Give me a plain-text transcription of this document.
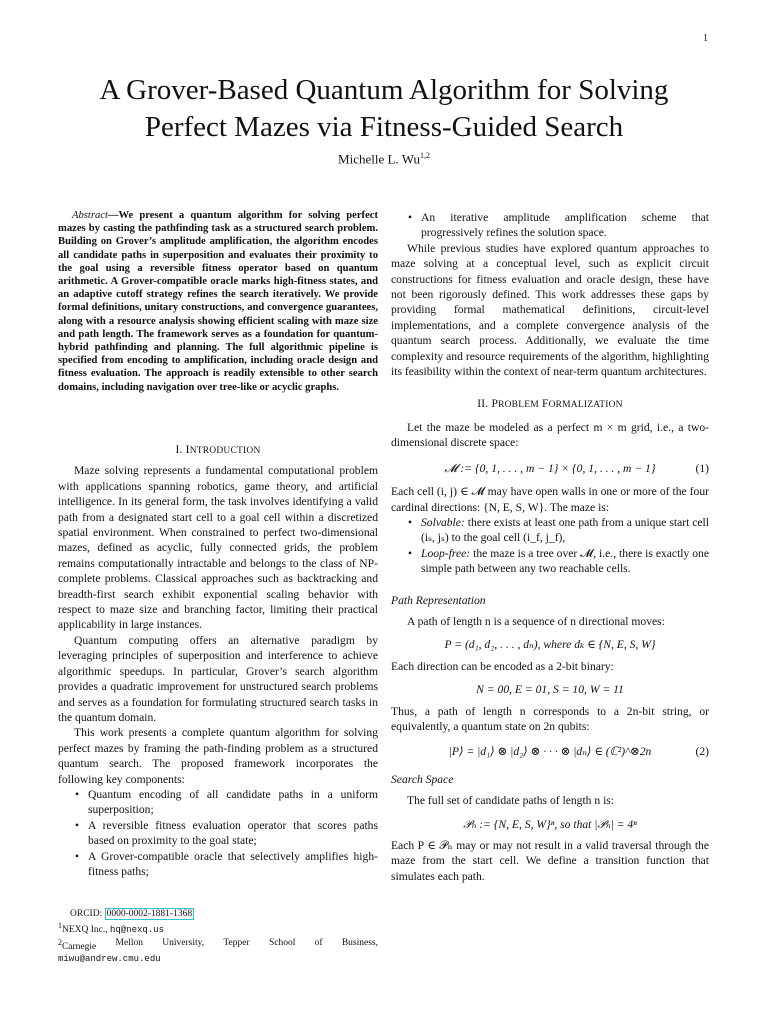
1
A Grover-Based Quantum Algorithm for Solving
Perfect Mazes via Fitness-Guided Search
Michelle L. Wu$^{1,2}$
Abstract—We present a quantum algorithm for solving perfect mazes by casting the pathfinding task as a structured search problem. Building on Grover’s amplitude amplification, the algorithm encodes all candidate paths in superposition and evaluates their proximity to the goal using a reversible fitness operator based on quantum arithmetic. A Grover-compatible oracle marks high-fitness states, and an adaptive cutoff strategy refines the search iteratively. We provide formal definitions, unitary constructions, and convergence guarantees, along with a resource analysis showing efficient scaling with maze size and path length. The framework serves as a foundation for quantum-hybrid pathfinding and planning. The full algorithmic pipeline is specified from encoding to amplification, including oracle design and fitness evaluation. The approach is readily extensible to other search domains, including navigation over tree-like or acyclic graphs.
I. INTRODUCTION

Maze solving represents a fundamental computational problem with applications spanning robotics, game theory, and artificial intelligence. In its general form, the task involves identifying a valid path from a designated start cell to a goal cell within a discretized spatial environment. When constrained to perfect two-dimensional mazes, defined as acyclic, fully connected grids, the problem remains computationally intractable and belongs to the class of NP-complete problems. Classical approaches such as backtracking and breadth-first search exhibit exponential scaling behavior with respect to maze size and branching factor, limiting their practical applicability in large instances.

Quantum computing offers an alternative paradigm by leveraging principles of superposition and interference to achieve algorithmic speedups. In particular, Grover’s search algorithm provides a quadratic improvement for unstructured search problems and serves as a foundation for formulating structured search tasks in the quantum domain.

This work presents a complete quantum algorithm for solving perfect mazes by framing the path-finding problem as a structured quantum search. The proposed framework incorporates the following key components:

• Quantum encoding of all candidate paths in a uniform superposition;
• A reversible fitness evaluation operator that scores paths based on proximity to the goal state;
• A Grover-compatible oracle that selectively amplifies high-fitness paths;
ORCID: 0000-0002-1881-1368
$^1$NEXQ Inc., hq@nexq.us
$^2$Carnegie Mellon University, Tepper School of Business,
miwu@andrew.cmu.edu
• An iterative amplitude amplification scheme that progressively refines the solution space.

While previous studies have explored quantum approaches to maze solving at a conceptual level, such as explicit circuit constructions for fitness evaluation and oracle design, these have not been rigorously defined. This work addresses these gaps by providing formal mathematical definitions, circuit-level implementations, and a complete convergence analysis of the quantum search process. Additionally, we evaluate the time complexity and resource requirements of the algorithm, highlighting its feasibility within the context of near-term quantum architectures.

II. PROBLEM FORMALIZATION

Let the maze be modeled as a perfect m × m grid, i.e., a two-dimensional discrete space:

𝓜 := {0, 1, . . . , m − 1} × {0, 1, . . . , m − 1}	(1)

Each cell (i, j) ∈ 𝓜 may have open walls in one or more of the four cardinal directions: {N, E, S, W}. The maze is:

• Solvable: there exists at least one path from a unique start cell (iₛ, jₛ) to the goal cell (i_f, j_f),
• Loop-free: the maze is a tree over 𝓜, i.e., there is exactly one simple path between any two reachable cells.
Path Representation

A path of length n is a sequence of n directional moves:

P = (d₁, d₂, . . . , dₙ), where dₖ ∈ {N, E, S, W}

Each direction can be encoded as a 2-bit binary:

N = 00, E = 01, S = 10, W = 11

Thus, a path of length n corresponds to a 2n-bit string, or equivalently, a quantum state on 2n qubits:

|P⟩ = |d₁⟩ ⊗ |d₂⟩ ⊗ · · · ⊗ |dₙ⟩ ∈ (ℂ²)^⊗2n	(2)
Search Space

The full set of candidate paths of length n is:

𝒫ₙ := {N, E, S, W}ⁿ, so that |𝒫ₙ| = 4ⁿ

Each P ∈ 𝒫ₙ may or may not result in a valid traversal through the maze from the start cell. We define a transition function that simulates each path.
